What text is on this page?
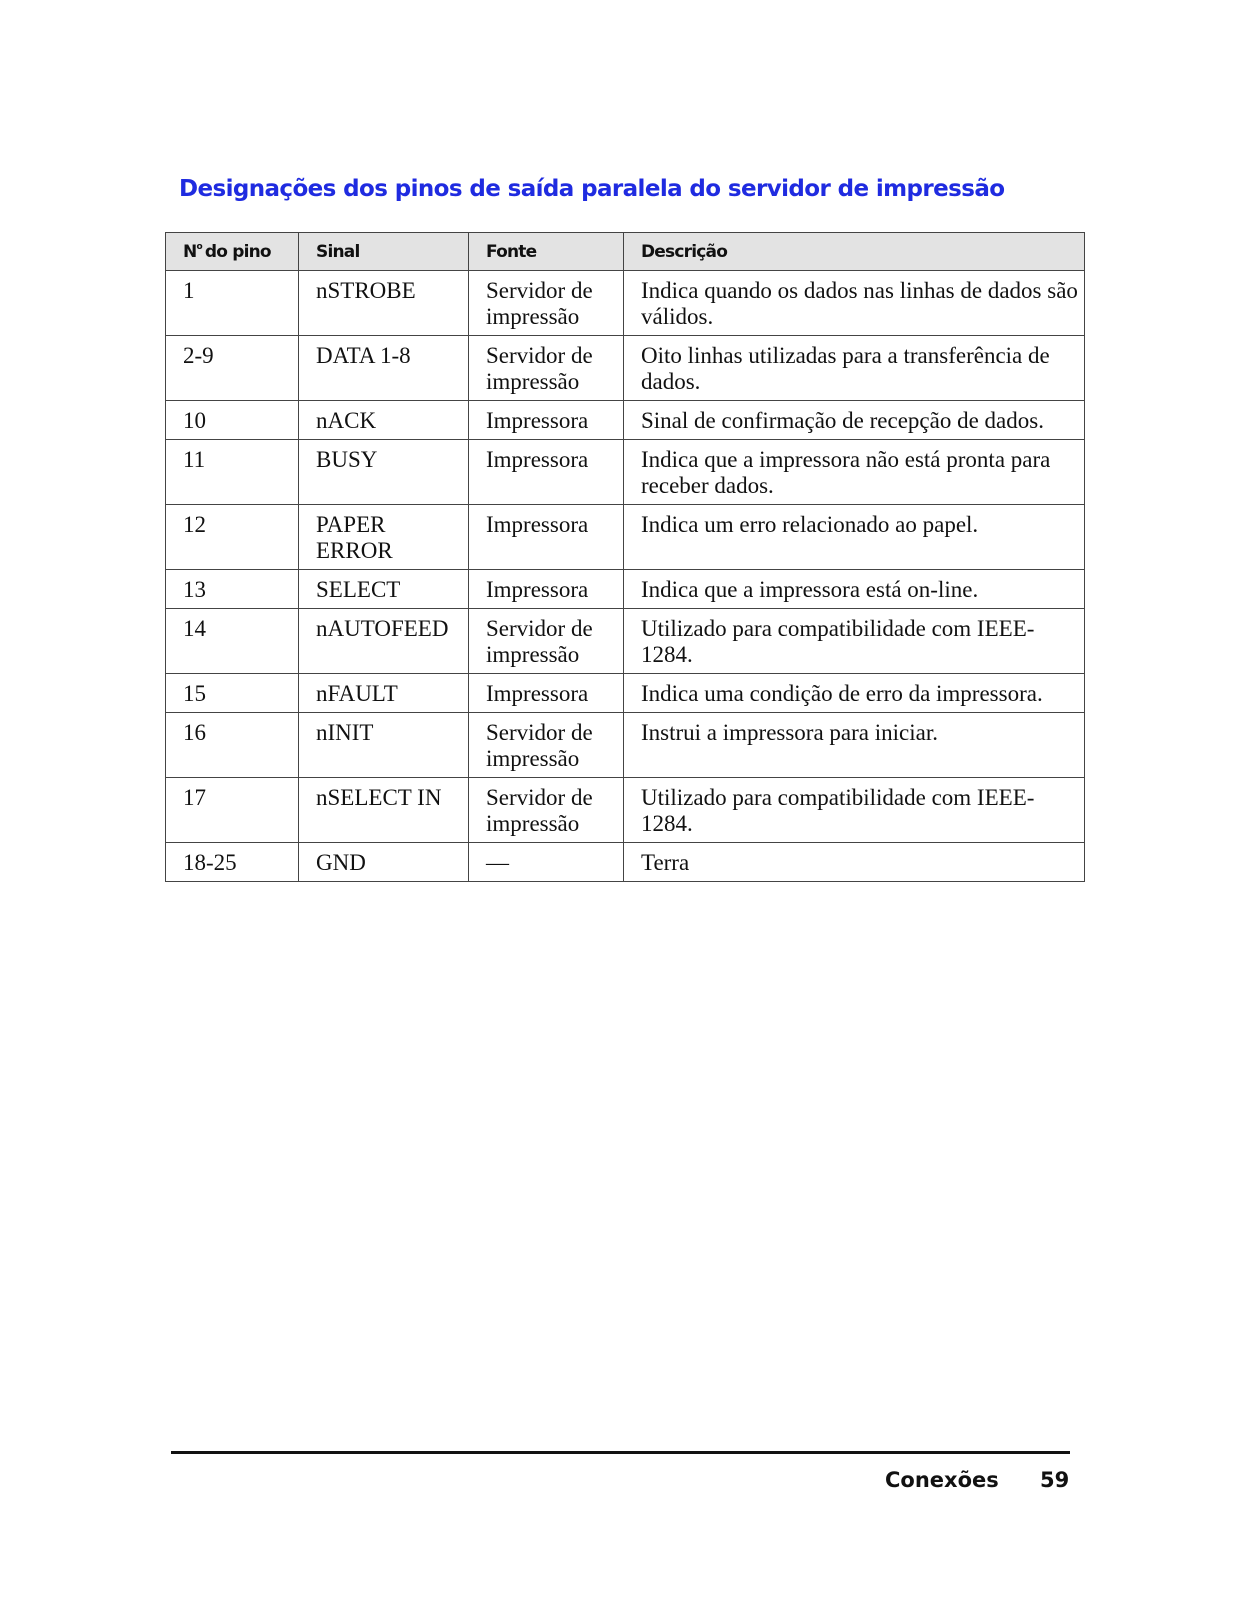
Designações dos pinos de saída paralela do servidor de impressão
$N^o$ do pino	Sinal	Fonte	Descrição
1	nSTROBE	Servidor de impressão	Indica quando os dados nas linhas de dados são válidos.
2-9	DATA 1-8	Servidor de impressão	Oito linhas utilizadas para a transferência de dados.
10	nACK	Impressora	Sinal de confirmação de recepção de dados.
11	BUSY	Impressora	Indica que a impressora não está pronta para receber dados.
12	PAPER ERROR	Impressora	Indica um erro relacionado ao papel.
13	SELECT	Impressora	Indica que a impressora está on-line.
14	nAUTOFEED	Servidor de impressão	Utilizado para compatibilidade com IEEE-1284.
15	nFAULT	Impressora	Indica uma condição de erro da impressora.
16	nINIT	Servidor de impressão	Instrui a impressora para iniciar.
17	nSELECT IN	Servidor de impressão	Utilizado para compatibilidade com IEEE-1284.
18-25	GND	—	Terra
Conexões 59
